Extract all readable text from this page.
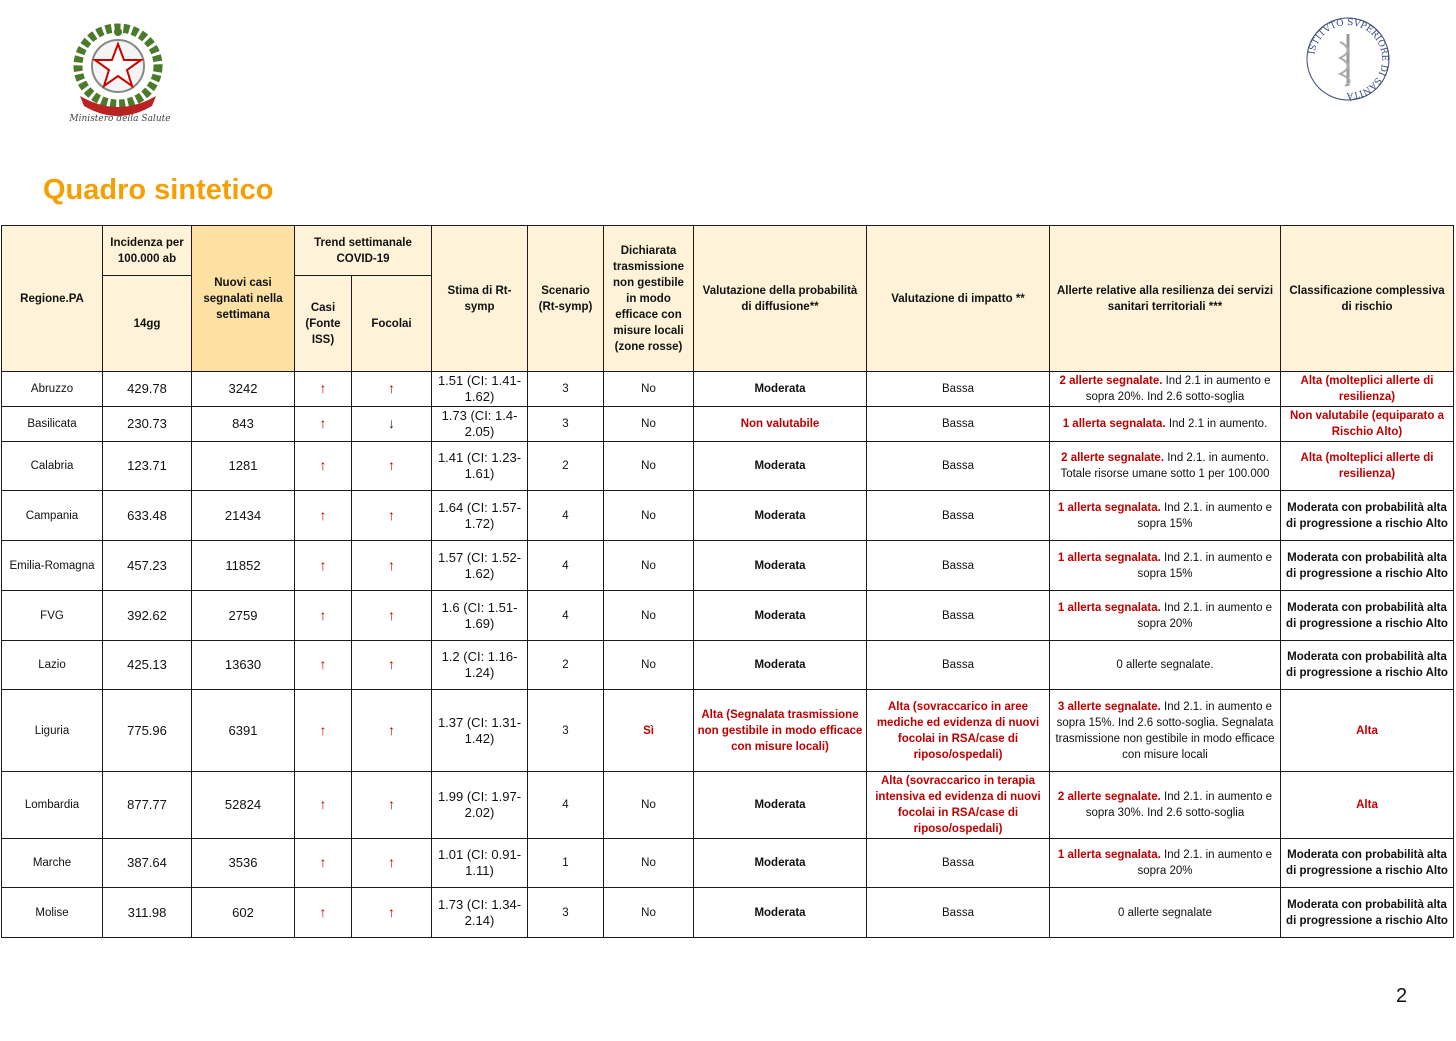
Ministero della Salute
ISTITVTO SVPERIORE DI SANITÀ
Quadro sintetico
Regione.PA	Incidenza per 100.000 ab	Nuovi casi segnalati nella settimana	Trend settimanale COVID-19		Stima di Rt-symp	Scenario (Rt-symp)	Dichiarata trasmissione non gestibile in modo efficace con misure locali (zone rosse)	Valutazione della probabilità di diffusione**	Valutazione di impatto **	Allerte relative alla resilienza dei servizi sanitari territoriali ***	Classificazione complessiva di rischio
	14gg		Casi (Fonte ISS)	Focolai							
Abruzzo	429.78	3242	↑	↑	1.51 (CI: 1.41-1.62)	3	No	Moderata	Bassa	2 allerte segnalate. Ind 2.1 in aumento e sopra 20%. Ind 2.6 sotto-soglia	Alta (molteplici allerte di resilienza)
Basilicata	230.73	843	↑	↓	1.73 (CI: 1.4-2.05)	3	No	Non valutabile	Bassa	1 allerta segnalata. Ind 2.1 in aumento.	Non valutabile (equiparato a Rischio Alto)
Calabria	123.71	1281	↑	↑	1.41 (CI: 1.23-1.61)	2	No	Moderata	Bassa	2 allerte segnalate. Ind 2.1. in aumento. Totale risorse umane sotto 1 per 100.000	Alta (molteplici allerte di resilienza)
Campania	633.48	21434	↑	↑	1.64 (CI: 1.57-1.72)	4	No	Moderata	Bassa	1 allerta segnalata. Ind 2.1. in aumento e sopra 15%	Moderata con probabilità alta di progressione a rischio Alto
Emilia-Romagna	457.23	11852	↑	↑	1.57 (CI: 1.52-1.62)	4	No	Moderata	Bassa	1 allerta segnalata. Ind 2.1. in aumento e sopra 15%	Moderata con probabilità alta di progressione a rischio Alto
FVG	392.62	2759	↑	↑	1.6 (CI: 1.51-1.69)	4	No	Moderata	Bassa	1 allerta segnalata. Ind 2.1. in aumento e sopra 20%	Moderata con probabilità alta di progressione a rischio Alto
Lazio	425.13	13630	↑	↑	1.2 (CI: 1.16-1.24)	2	No	Moderata	Bassa	0 allerte segnalate.	Moderata con probabilità alta di progressione a rischio Alto
Liguria	775.96	6391	↑	↑	1.37 (CI: 1.31-1.42)	3	Sì	Alta (Segnalata trasmissione non gestibile in modo efficace con misure locali)	Alta (sovraccarico in aree mediche ed evidenza di nuovi focolai in RSA/case di riposo/ospedali)	3 allerte segnalate. Ind 2.1. in aumento e sopra 15%. Ind 2.6 sotto-soglia. Segnalata trasmissione non gestibile in modo efficace con misure locali	Alta
Lombardia	877.77	52824	↑	↑	1.99 (CI: 1.97-2.02)	4	No	Moderata	Alta (sovraccarico in terapia intensiva ed evidenza di nuovi focolai in RSA/case di riposo/ospedali)	2 allerte segnalate. Ind 2.1. in aumento e sopra 30%. Ind 2.6 sotto-soglia	Alta
Marche	387.64	3536	↑	↑	1.01 (CI: 0.91-1.11)	1	No	Moderata	Bassa	1 allerta segnalata. Ind 2.1. in aumento e sopra 20%	Moderata con probabilità alta di progressione a rischio Alto
Molise	311.98	602	↑	↑	1.73 (CI: 1.34-2.14)	3	No	Moderata	Bassa	0 allerte segnalate	Moderata con probabilità alta di progressione a rischio Alto
2
